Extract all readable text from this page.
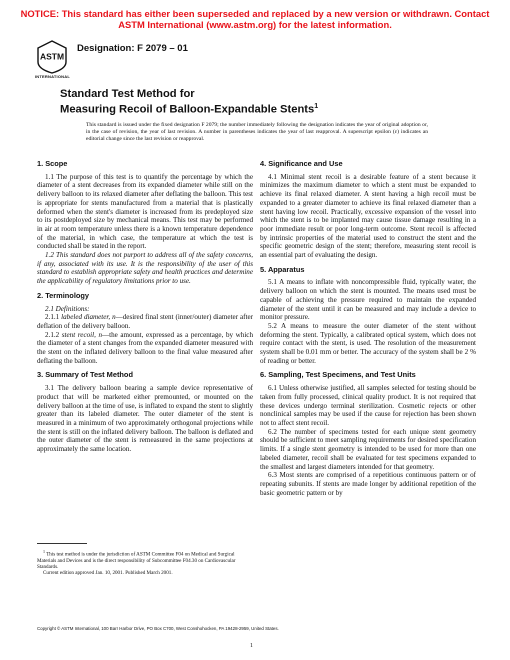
NOTICE: This standard has either been superseded and replaced by a new version or withdrawn. Contact ASTM International (www.astm.org) for the latest information.
ASTM
INTERNATIONAL
Designation: F 2079 – 01
Standard Test Method for
Measuring Recoil of Balloon-Expandable Stents$^1$
This standard is issued under the fixed designation F 2079; the number immediately following the designation indicates the year of original adoption or, in the case of revision, the year of last revision. A number in parentheses indicates the year of last reapproval. A superscript epsilon (ε) indicates an editorial change since the last revision or reapproval.
1. Scope

1.1 The purpose of this test is to quantify the percentage by which the diameter of a stent decreases from its expanded diameter while still on the delivery balloon to its relaxed diameter after deflating the balloon. This test is appropriate for stents manufactured from a material that is plastically deformed when the stent's diameter is increased from its predeployed size to its postdeployed size by mechanical means. This test may be performed in air at room temperature unless there is a known temperature dependence of the material, in which case, the temperature at which the test is conducted shall be stated in the report.

1.2 This standard does not purport to address all of the safety concerns, if any, associated with its use. It is the responsibility of the user of this standard to establish appropriate safety and health practices and determine the applicability of regulatory limitations prior to use.

2. Terminology

2.1 Definitions:

2.1.1 labeled diameter, n—desired final stent (inner/outer) diameter after deflation of the delivery balloon.

2.1.2 stent recoil, n—the amount, expressed as a percentage, by which the diameter of a stent changes from the expanded diameter measured with the stent on the inflated delivery balloon to the final value measured after deflating the balloon.

3. Summary of Test Method

3.1 The delivery balloon bearing a sample device representative of product that will be marketed either premounted, or mounted on the delivery balloon at the time of use, is inflated to expand the stent to slightly greater than its labeled diameter. The outer diameter of the stent is measured in a minimum of two approximately orthogonal projections while the stent is still on the inflated delivery balloon. The balloon is deflated and the outer diameter of the stent is remeasured in the same projections at approximately the same location.

4. Significance and Use

4.1 Minimal stent recoil is a desirable feature of a stent because it minimizes the maximum diameter to which a stent must be expanded to achieve its final relaxed diameter. A stent having a high recoil must be expanded to a greater diameter to achieve its final relaxed diameter than a stent having low recoil. Practically, excessive expansion of the vessel into which the stent is to be implanted may cause tissue damage resulting in a poor immediate result or poor long-term outcome. Stent recoil is affected by intrinsic properties of the material used to construct the stent and the specific geometric design of the stent; therefore, measuring stent recoil is an essential part of evaluating the design.

5. Apparatus

5.1 A means to inflate with noncompressible fluid, typically water, the delivery balloon on which the stent is mounted. The means used must be capable of achieving the pressure required to maintain the expanded diameter of the stent until it can be measured and may include a device to monitor pressure.

5.2 A means to measure the outer diameter of the stent without deforming the stent. Typically, a calibrated optical system, which does not require contact with the stent, is used. The resolution of the measurement system shall be 0.01 mm or better. The accuracy of the system shall be 2 % of reading or better.

6. Sampling, Test Specimens, and Test Units

6.1 Unless otherwise justified, all samples selected for testing should be taken from fully processed, clinical quality product. It is not required that these devices undergo terminal sterilization. Cosmetic rejects or other nonclinical samples may be used if the cause for rejection has been shown not to affect stent recoil.

6.2 The number of specimens tested for each unique stent geometry should be sufficient to meet sampling requirements for desired specification limits. If a single stent geometry is intended to be used for more than one labeled diameter, recoil shall be evaluated for test specimens expanded to the smallest and largest diameters intended for that geometry.

6.3 Most stents are comprised of a repetitious continuous pattern or of repeating subunits. If stents are made longer by additional repetition of the basic geometric pattern or by

$^1$ This test method is under the jurisdiction of ASTM Committee F04 on Medical and Surgical Materials and Devices and is the direct responsibility of Subcommittee F04.30 on Cardiovascular Standards.

Current edition approved Jan. 10, 2001. Published March 2001.

Copyright © ASTM International, 100 Barr Harbor Drive, PO Box C700, West Conshohocken, PA 19428-2959, United States.
1
